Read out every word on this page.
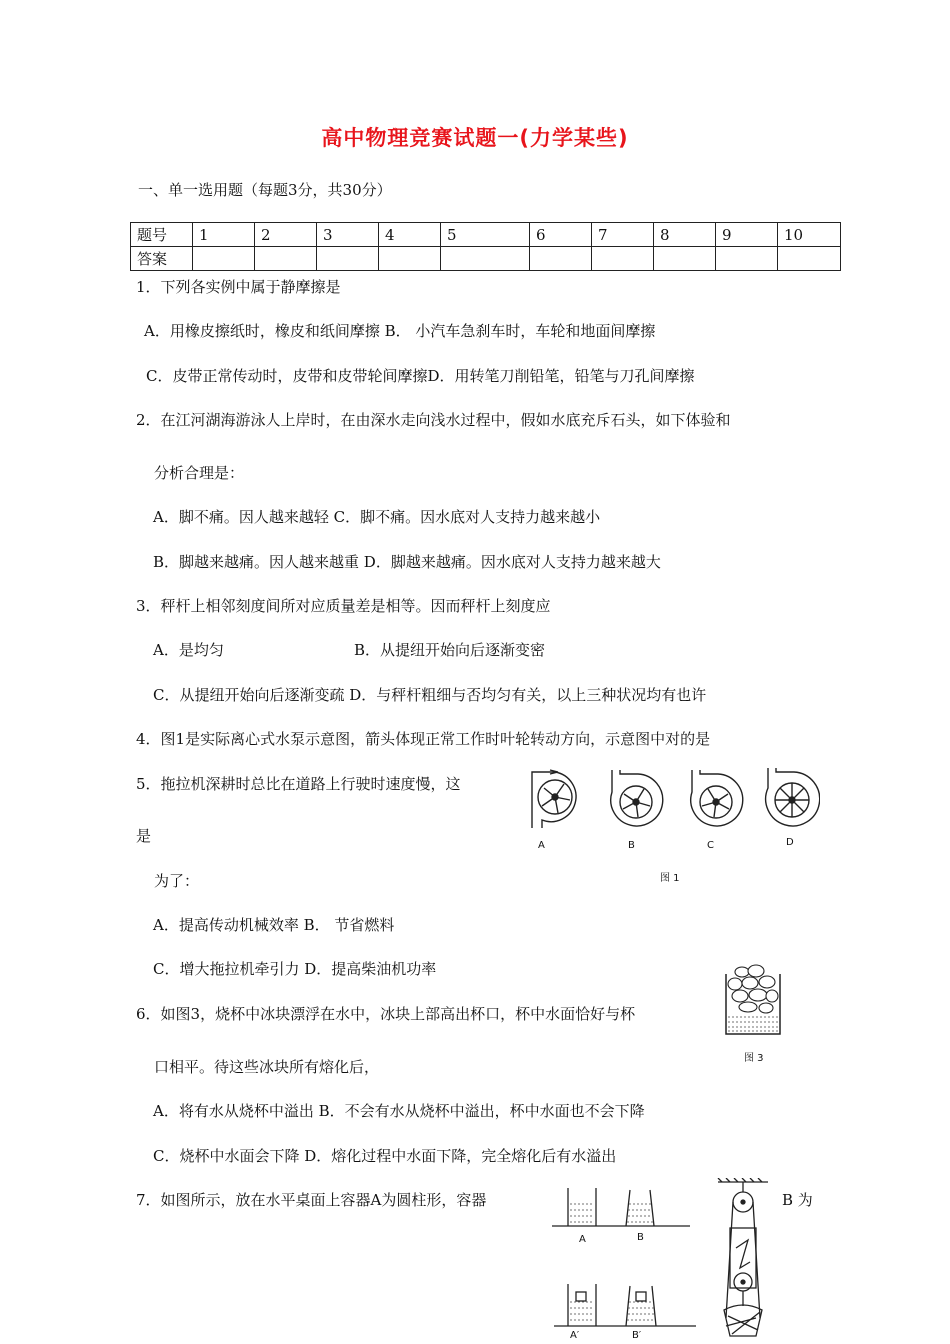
高中物理竞赛试题一(力学某些)
一、单一选用题（每题3分，共30分）
题号	1	2	3	4	5	6	7	8	9	10
答案										
1．下列各实例中属于静摩擦是
A．用橡皮擦纸时，橡皮和纸间摩擦 B． 小汽车急刹车时，车轮和地面间摩擦
C．皮带正常传动时，皮带和皮带轮间摩擦D．用转笔刀削铅笔，铅笔与刀孔间摩擦
2．在江河湖海游泳人上岸时，在由深水走向浅水过程中，假如水底充斥石头，如下体验和
分析合理是：
A．脚不痛。因人越来越轻 C．脚不痛。因水底对人支持力越来越小
B．脚越来越痛。因人越来越重 D．脚越来越痛。因水底对人支持力越来越大
3．秤杆上相邻刻度间所对应质量差是相等。因而秤杆上刻度应
A．是均匀	B．从提纽开始向后逐渐变密
C．从提纽开始向后逐渐变疏 D．与秤杆粗细与否均匀有关，以上三种状况均有也许
4．图1是实际离心式水泵示意图，箭头体现正常工作时叶轮转动方向，示意图中对的是
5．拖拉机深耕时总比在道路上行驶时速度慢，这
是
为了：
A．提高传动机械效率 B． 节省燃料
C．增大拖拉机牵引力 D．提高柴油机功率
A	B	C	D
图 1
6．如图3，烧杯中冰块漂浮在水中，冰块上部高出杯口，杯中水面恰好与杯
口相平。待这些冰块所有熔化后，
A．将有水从烧杯中溢出 B．不会有水从烧杯中溢出，杯中水面也不会下降
C．烧杯中水面会下降 D．熔化过程中水面下降，完全熔化后有水溢出
图 3
7．如图所示，放在水平桌面上容器A为圆柱形，容器	B 为
A	B
A′	B′
